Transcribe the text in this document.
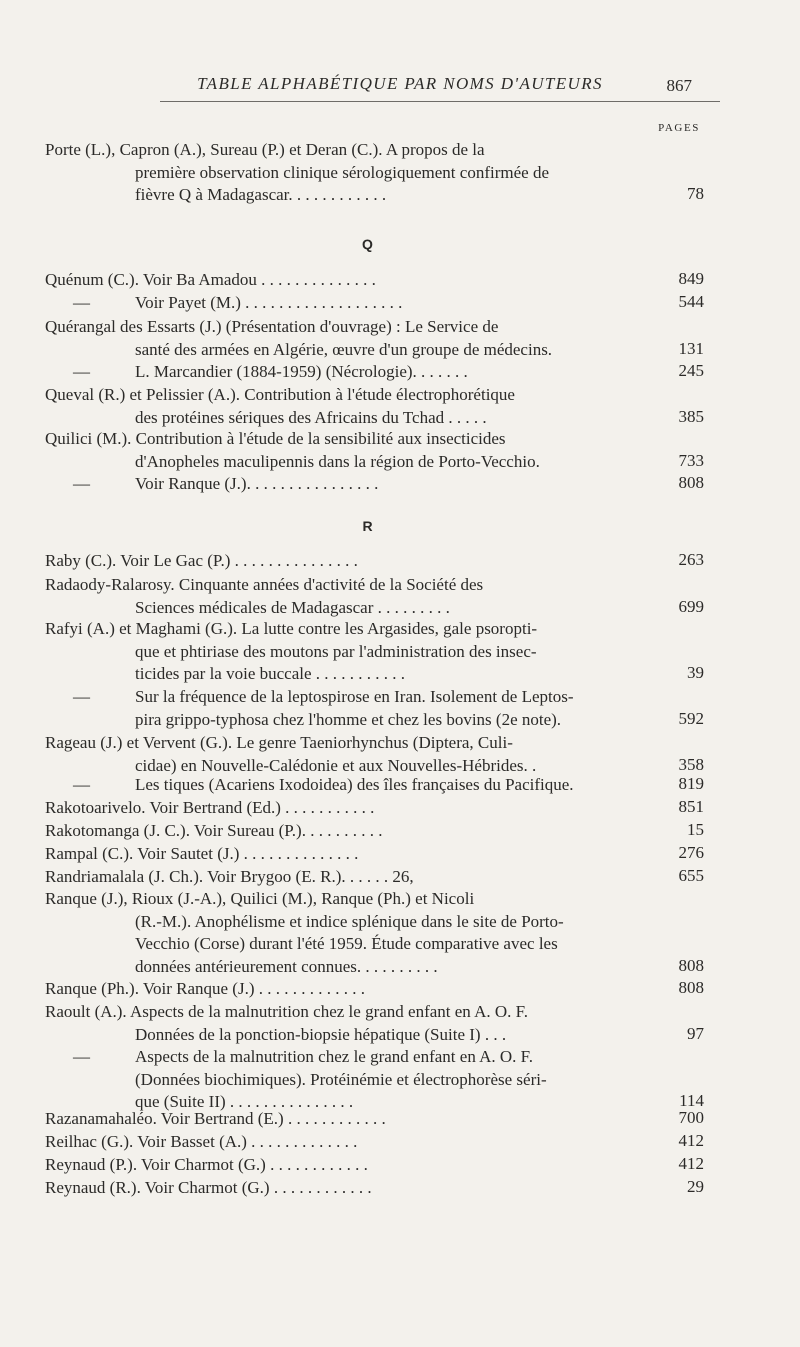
TABLE ALPHABÉTIQUE PAR NOMS D'AUTEURS	867
PAGES
Porte (L.), Capron (A.), Sureau (P.) et Deran (C.). A propos de la
première observation clinique sérologiquement confirmée de
fièvre Q à Madagascar. . . . . . . . . . . .	78
Q
Quénum (C.). Voir Ba Amadou . . . . . . . . . . . . . .	849
—	Voir Payet (M.) . . . . . . . . . . . . . . . . . . .	544
Quérangal des Essarts (J.) (Présentation d'ouvrage) : Le Service de
santé des armées en Algérie, œuvre d'un groupe de médecins.	131
—	L. Marcandier (1884-1959) (Nécrologie). . . . . . .	245
Queval (R.) et Pelissier (A.). Contribution à l'étude électrophorétique
des protéines sériques des Africains du Tchad . . . . .	385
Quilici (M.). Contribution à l'étude de la sensibilité aux insecticides
d'Anopheles maculipennis dans la région de Porto-Vecchio.	733
—	Voir Ranque (J.). . . . . . . . . . . . . . . .	808
R
Raby (C.). Voir Le Gac (P.) . . . . . . . . . . . . . . .	263
Radaody-Ralarosy. Cinquante années d'activité de la Société des
Sciences médicales de Madagascar . . . . . . . . .	699
Rafyi (A.) et Maghami (G.). La lutte contre les Argasides, gale psoropti-
que et phtiriase des moutons par l'administration des insec-
ticides par la voie buccale . . . . . . . . . . .	39
—	Sur la fréquence de la leptospirose en Iran. Isolement de Leptos-
pira grippo-typhosa chez l'homme et chez les bovins (2e note).	592
Rageau (J.) et Vervent (G.). Le genre Taeniorhynchus (Diptera, Culi-
cidae) en Nouvelle-Calédonie et aux Nouvelles-Hébrides. .	358
—	Les tiques (Acariens Ixodoidea) des îles françaises du Pacifique.	819
Rakotoarivelo. Voir Bertrand (Ed.) . . . . . . . . . . .	851
Rakotomanga (J. C.). Voir Sureau (P.). . . . . . . . . .	15
Rampal (C.). Voir Sautet (J.) . . . . . . . . . . . . . .	276
Randriamalala (J. Ch.). Voir Brygoo (E. R.). . . . . . 26,	655
Ranque (J.), Rioux (J.-A.), Quilici (M.), Ranque (Ph.) et Nicoli
(R.-M.). Anophélisme et indice splénique dans le site de Porto-
Vecchio (Corse) durant l'été 1959. Étude comparative avec les
données antérieurement connues. . . . . . . . . .	808
Ranque (Ph.). Voir Ranque (J.) . . . . . . . . . . . . .	808
Raoult (A.). Aspects de la malnutrition chez le grand enfant en A. O. F.
Données de la ponction-biopsie hépatique (Suite I) . . .	97
—	Aspects de la malnutrition chez le grand enfant en A. O. F.
(Données biochimiques). Protéinémie et électrophorèse séri-
que (Suite II) . . . . . . . . . . . . . . .	114
Razanamahaléo. Voir Bertrand (E.) . . . . . . . . . . . .	700
Reilhac (G.). Voir Basset (A.) . . . . . . . . . . . . .	412
Reynaud (P.). Voir Charmot (G.) . . . . . . . . . . . .	412
Reynaud (R.). Voir Charmot (G.) . . . . . . . . . . . .	29
